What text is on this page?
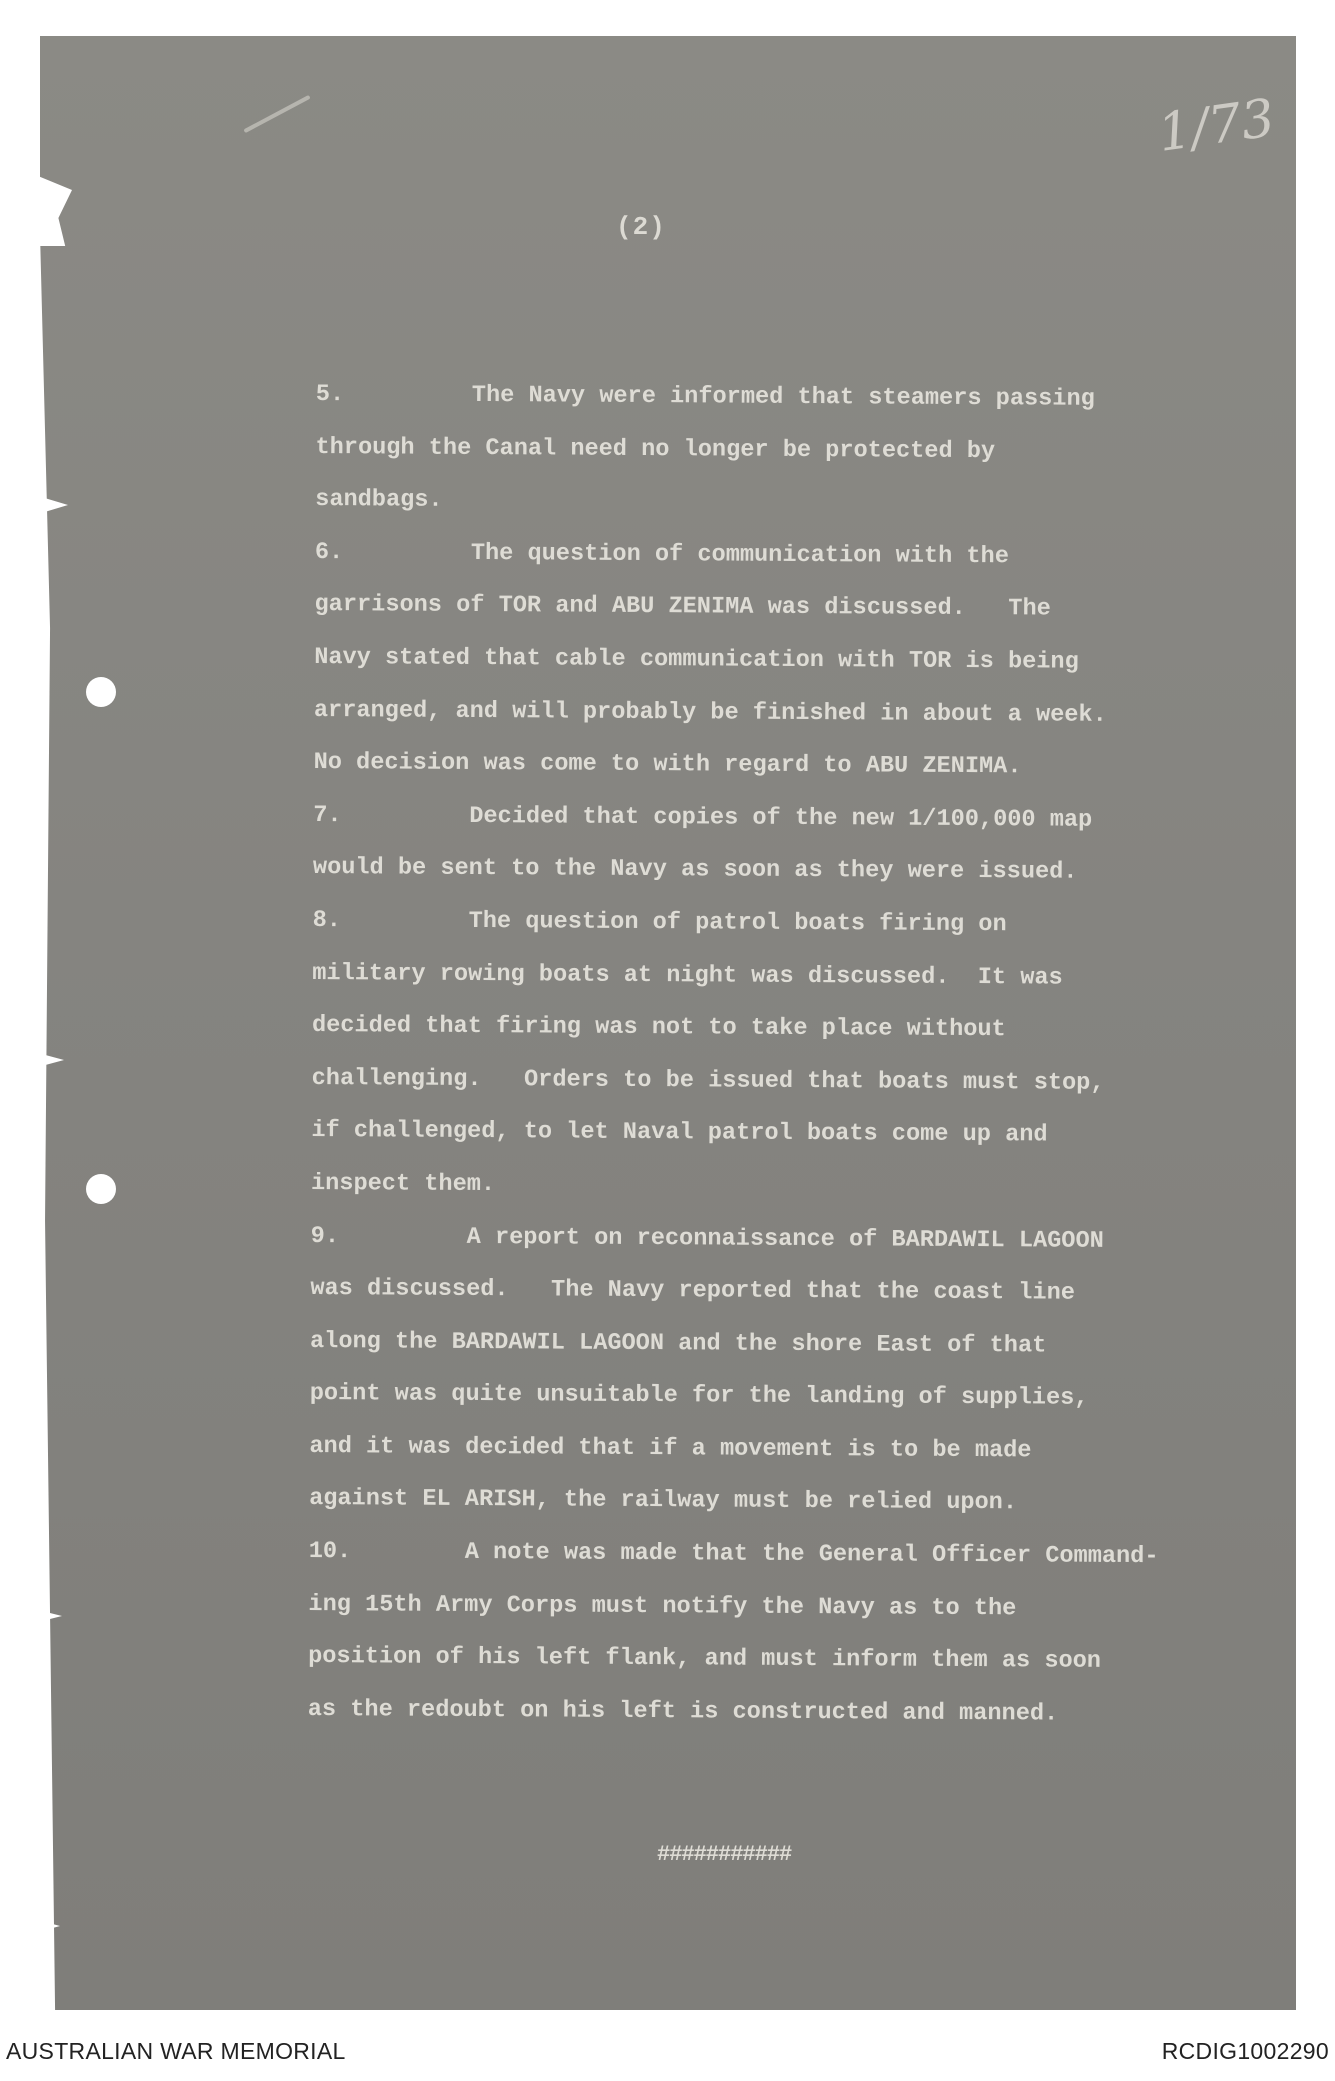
1/73
(2)
5.	The Navy were informed that steamers passing
through the Canal need no longer be protected by
sandbags.
6.	The question of communication with the
garrisons of TOR and ABU ZENIMA was discussed.   The
Navy stated that cable communication with TOR is being
arranged, and will probably be finished in about a week.
No decision was come to with regard to ABU ZENIMA.
7.	Decided that copies of the new 1/100,000 map
would be sent to the Navy as soon as they were issued.
8.	The question of patrol boats firing on
military rowing boats at night was discussed.  It was
decided that firing was not to take place without
challenging.   Orders to be issued that boats must stop,
if challenged, to let Naval patrol boats come up and
inspect them.
9.	A report on reconnaissance of BARDAWIL LAGOON
was discussed.   The Navy reported that the coast line
along the BARDAWIL LAGOON and the shore East of that
point was quite unsuitable for the landing of supplies,
and it was decided that if a movement is to be made
against EL ARISH, the railway must be relied upon.
10.	A note was made that the General Officer Command-
ing 15th Army Corps must notify the Navy as to the
position of his left flank, and must inform them as soon
as the redoubt on his left is constructed and manned.
###########
AUSTRALIAN WAR MEMORIAL	RCDIG1002290
